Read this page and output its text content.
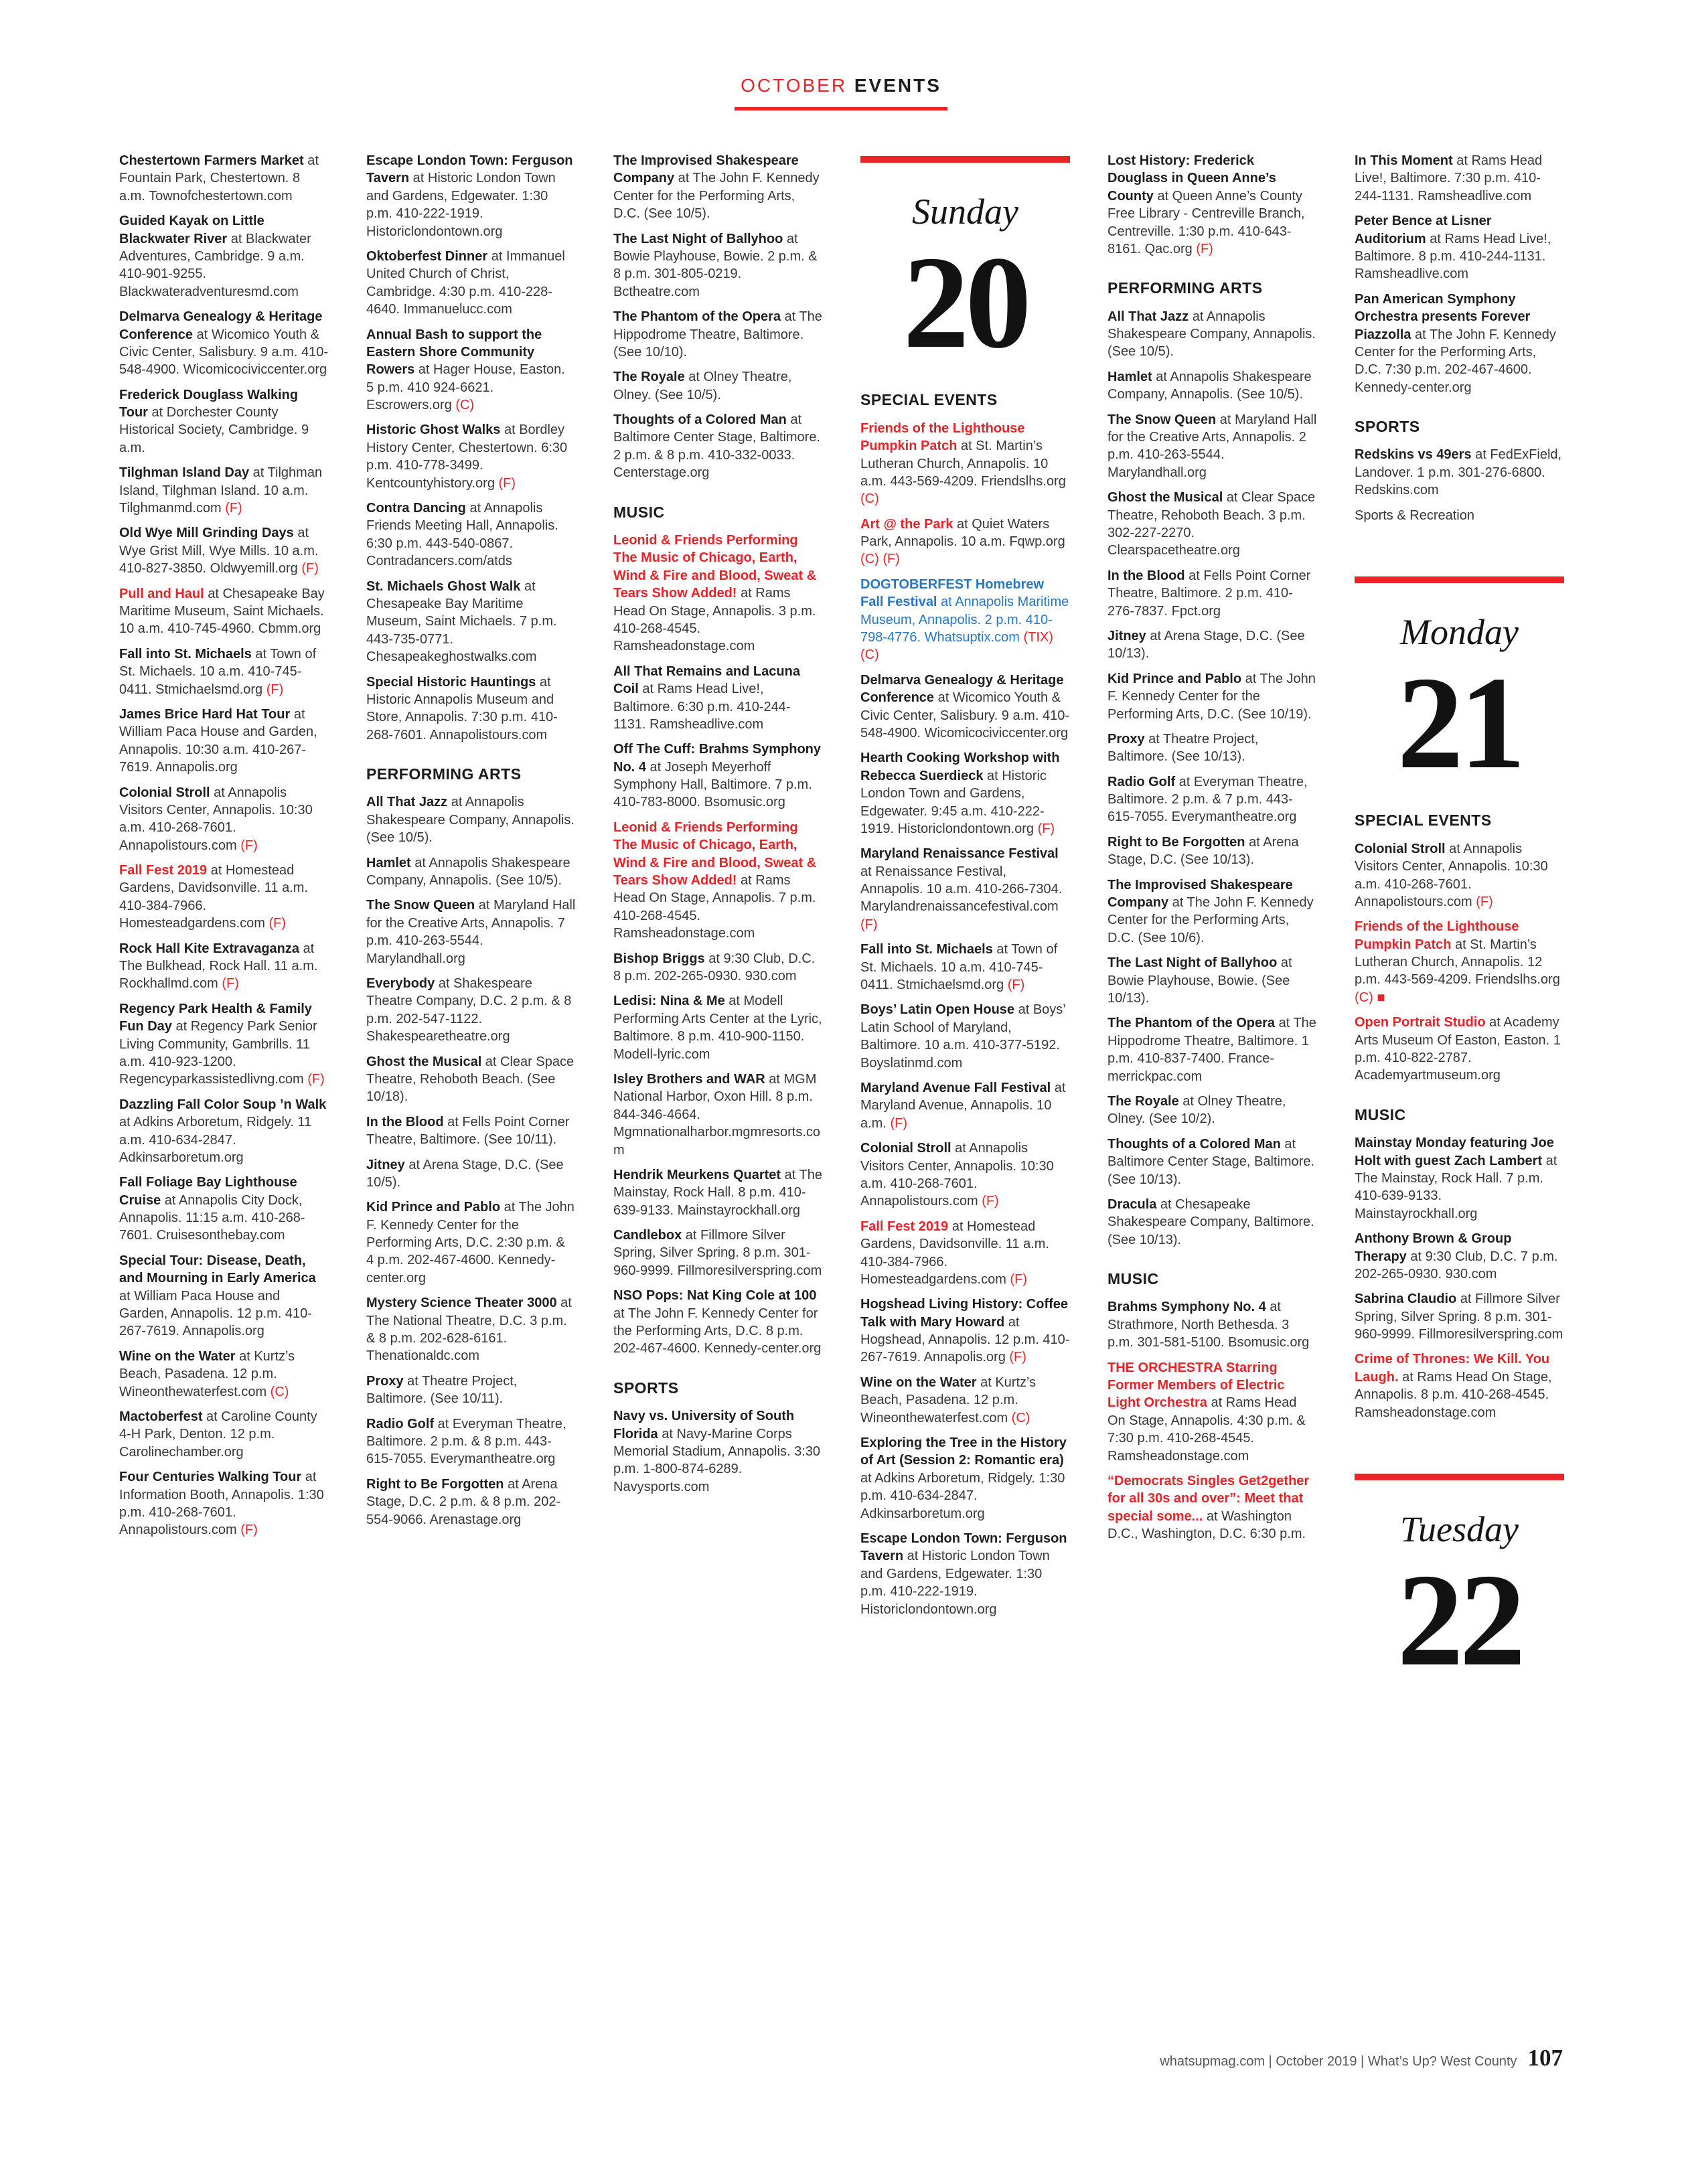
OCTOBER EVENTS

Chestertown Farmers Market at Fountain Park, Chestertown. 8 a.m. Townofchestertown.com

Guided Kayak on Little Blackwater River at Blackwater Adventures, Cambridge. 9 a.m. 410-901-9255. Blackwateradventuresmd.com

Delmarva Genealogy & Heritage Conference at Wicomico Youth & Civic Center, Salisbury. 9 a.m. 410-548-4900. Wicomicociviccenter.org

Frederick Douglass Walking Tour at Dorchester County Historical Society, Cambridge. 9 a.m.

Tilghman Island Day at Tilghman Island, Tilghman Island. 10 a.m. Tilghmanmd.com (F)

Old Wye Mill Grinding Days at Wye Grist Mill, Wye Mills. 10 a.m. 410-827-3850. Oldwyemill.org (F)

Pull and Haul at Chesapeake Bay Maritime Museum, Saint Michaels. 10 a.m. 410-745-4960. Cbmm.org

Fall into St. Michaels at Town of St. Michaels. 10 a.m. 410-745-0411. Stmichaelsmd.org (F)

James Brice Hard Hat Tour at William Paca House and Garden, Annapolis. 10:30 a.m. 410-267-7619. Annapolis.org

Colonial Stroll at Annapolis Visitors Center, Annapolis. 10:30 a.m. 410-268-7601. Annapolistours.com (F)

Fall Fest 2019 at Homestead Gardens, Davidsonville. 11 a.m. 410-384-7966. Homesteadgardens.com (F)

Rock Hall Kite Extravaganza at The Bulkhead, Rock Hall. 11 a.m. Rockhallmd.com (F)

Regency Park Health & Family Fun Day at Regency Park Senior Living Community, Gambrills. 11 a.m. 410-923-1200. Regencyparkassistedlivng.com (F)

Dazzling Fall Color Soup ’n Walk at Adkins Arboretum, Ridgely. 11 a.m. 410-634-2847. Adkinsarboretum.org

Fall Foliage Bay Lighthouse Cruise at Annapolis City Dock, Annapolis. 11:15 a.m. 410-268-7601. Cruisesonthebay.com

Special Tour: Disease, Death, and Mourning in Early America at William Paca House and Garden, Annapolis. 12 p.m. 410-267-7619. Annapolis.org

Wine on the Water at Kurtz’s Beach, Pasadena. 12 p.m. Wineonthewaterfest.com (C)

Mactoberfest at Caroline County 4-H Park, Denton. 12 p.m. Carolinechamber.org

Four Centuries Walking Tour at Information Booth, Annapolis. 1:30 p.m. 410-268-7601. Annapolistours.com (F)

Escape London Town: Ferguson Tavern at Historic London Town and Gardens, Edgewater. 1:30 p.m. 410-222-1919. Historiclondontown.org

Oktoberfest Dinner at Immanuel United Church of Christ, Cambridge. 4:30 p.m. 410-228-4640. Immanuelucc.com

Annual Bash to support the Eastern Shore Community Rowers at Hager House, Easton. 5 p.m. 410 924-6621. Escrowers.org (C)

Historic Ghost Walks at Bordley History Center, Chestertown. 6:30 p.m. 410-778-3499. Kentcountyhistory.org (F)

Contra Dancing at Annapolis Friends Meeting Hall, Annapolis. 6:30 p.m. 443-540-0867. Contradancers.com/atds

St. Michaels Ghost Walk at Chesapeake Bay Maritime Museum, Saint Michaels. 7 p.m. 443-735-0771. Chesapeakeghostwalks.com

Special Historic Hauntings at Historic Annapolis Museum and Store, Annapolis. 7:30 p.m. 410-268-7601. Annapolistours.com

PERFORMING ARTS

All That Jazz at Annapolis Shakespeare Company, Annapolis. (See 10/5).

Hamlet at Annapolis Shakespeare Company, Annapolis. (See 10/5).

The Snow Queen at Maryland Hall for the Creative Arts, Annapolis. 7 p.m. 410-263-5544. Marylandhall.org

Everybody at Shakespeare Theatre Company, D.C. 2 p.m. & 8 p.m. 202-547-1122. Shakespearetheatre.org

Ghost the Musical at Clear Space Theatre, Rehoboth Beach. (See 10/18).

In the Blood at Fells Point Corner Theatre, Baltimore. (See 10/11).

Jitney at Arena Stage, D.C. (See 10/5).

Kid Prince and Pablo at The John F. Kennedy Center for the Performing Arts, D.C. 2:30 p.m. & 4 p.m. 202-467-4600. Kennedy-center.org

Mystery Science Theater 3000 at The National Theatre, D.C. 3 p.m. & 8 p.m. 202-628-6161. Thenationaldc.com

Proxy at Theatre Project, Baltimore. (See 10/11).

Radio Golf at Everyman Theatre, Baltimore. 2 p.m. & 8 p.m. 443-615-7055. Everymantheatre.org

Right to Be Forgotten at Arena Stage, D.C. 2 p.m. & 8 p.m. 202-554-9066. Arenastage.org

The Improvised Shakespeare Company at The John F. Kennedy Center for the Performing Arts, D.C. (See 10/5).

The Last Night of Ballyhoo at Bowie Playhouse, Bowie. 2 p.m. & 8 p.m. 301-805-0219. Bctheatre.com

The Phantom of the Opera at The Hippodrome Theatre, Baltimore. (See 10/10).

The Royale at Olney Theatre, Olney. (See 10/5).

Thoughts of a Colored Man at Baltimore Center Stage, Baltimore. 2 p.m. & 8 p.m. 410-332-0033. Centerstage.org

MUSIC

Leonid & Friends Performing The Music of Chicago, Earth, Wind & Fire and Blood, Sweat & Tears Show Added! at Rams Head On Stage, Annapolis. 3 p.m. 410-268-4545. Ramsheadonstage.com

All That Remains and Lacuna Coil at Rams Head Live!, Baltimore. 6:30 p.m. 410-244-1131. Ramsheadlive.com

Off The Cuff: Brahms Symphony No. 4 at Joseph Meyerhoff Symphony Hall, Baltimore. 7 p.m. 410-783-8000. Bsomusic.org

Leonid & Friends Performing The Music of Chicago, Earth, Wind & Fire and Blood, Sweat & Tears Show Added! at Rams Head On Stage, Annapolis. 7 p.m. 410-268-4545. Ramsheadonstage.com

Bishop Briggs at 9:30 Club, D.C. 8 p.m. 202-265-0930. 930.com

Ledisi: Nina & Me at Modell Performing Arts Center at the Lyric, Baltimore. 8 p.m. 410-900-1150. Modell-lyric.com

Isley Brothers and WAR at MGM National Harbor, Oxon Hill. 8 p.m. 844-346-4664. Mgmnationalharbor.mgmresorts.com

Hendrik Meurkens Quartet at The Mainstay, Rock Hall. 8 p.m. 410-639-9133. Mainstayrockhall.org

Candlebox at Fillmore Silver Spring, Silver Spring. 8 p.m. 301-960-9999. Fillmoresilverspring.com

NSO Pops: Nat King Cole at 100 at The John F. Kennedy Center for the Performing Arts, D.C. 8 p.m. 202-467-4600. Kennedy-center.org

SPORTS

Navy vs. University of South Florida at Navy-Marine Corps Memorial Stadium, Annapolis. 3:30 p.m. 1-800-874-6289. Navysports.com

Sunday
20
SPECIAL EVENTS

Friends of the Lighthouse Pumpkin Patch at St. Martin’s Lutheran Church, Annapolis. 10 a.m. 443-569-4209. Friendslhs.org (C)

Art @ the Park at Quiet Waters Park, Annapolis. 10 a.m. Fqwp.org (C) (F)

DOGTOBERFEST Homebrew Fall Festival at Annapolis Maritime Museum, Annapolis. 2 p.m. 410-798-4776. Whatsuptix.com (TIX) (C)

Delmarva Genealogy & Heritage Conference at Wicomico Youth & Civic Center, Salisbury. 9 a.m. 410-548-4900. Wicomicociviccenter.org

Hearth Cooking Workshop with Rebecca Suerdieck at Historic London Town and Gardens, Edgewater. 9:45 a.m. 410-222-1919. Historiclondontown.org (F)

Maryland Renaissance Festival at Renaissance Festival, Annapolis. 10 a.m. 410-266-7304. Marylandrenaissancefestival.com (F)

Fall into St. Michaels at Town of St. Michaels. 10 a.m. 410-745-0411. Stmichaelsmd.org (F)

Boys’ Latin Open House at Boys’ Latin School of Maryland, Baltimore. 10 a.m. 410-377-5192. Boyslatinmd.com

Maryland Avenue Fall Festival at Maryland Avenue, Annapolis. 10 a.m. (F)

Colonial Stroll at Annapolis Visitors Center, Annapolis. 10:30 a.m. 410-268-7601. Annapolistours.com (F)

Fall Fest 2019 at Homestead Gardens, Davidsonville. 11 a.m. 410-384-7966. Homesteadgardens.com (F)

Hogshead Living History: Coffee Talk with Mary Howard at Hogshead, Annapolis. 12 p.m. 410-267-7619. Annapolis.org (F)

Wine on the Water at Kurtz’s Beach, Pasadena. 12 p.m. Wineonthewaterfest.com (C)

Exploring the Tree in the History of Art (Session 2: Romantic era) at Adkins Arboretum, Ridgely. 1:30 p.m. 410-634-2847. Adkinsarboretum.org

Escape London Town: Ferguson Tavern at Historic London Town and Gardens, Edgewater. 1:30 p.m. 410-222-1919. Historiclondontown.org

Lost History: Frederick Douglass in Queen Anne’s County at Queen Anne’s County Free Library - Centreville Branch, Centreville. 1:30 p.m. 410-643-8161. Qac.org (F)

PERFORMING ARTS

All That Jazz at Annapolis Shakespeare Company, Annapolis. (See 10/5).

Hamlet at Annapolis Shakespeare Company, Annapolis. (See 10/5).

The Snow Queen at Maryland Hall for the Creative Arts, Annapolis. 2 p.m. 410-263-5544. Marylandhall.org

Ghost the Musical at Clear Space Theatre, Rehoboth Beach. 3 p.m. 302-227-2270. Clearspacetheatre.org

In the Blood at Fells Point Corner Theatre, Baltimore. 2 p.m. 410-276-7837. Fpct.org

Jitney at Arena Stage, D.C. (See 10/13).

Kid Prince and Pablo at The John F. Kennedy Center for the Performing Arts, D.C. (See 10/19).

Proxy at Theatre Project, Baltimore. (See 10/13).

Radio Golf at Everyman Theatre, Baltimore. 2 p.m. & 7 p.m. 443-615-7055. Everymantheatre.org

Right to Be Forgotten at Arena Stage, D.C. (See 10/13).

The Improvised Shakespeare Company at The John F. Kennedy Center for the Performing Arts, D.C. (See 10/6).

The Last Night of Ballyhoo at Bowie Playhouse, Bowie. (See 10/13).

The Phantom of the Opera at The Hippodrome Theatre, Baltimore. 1 p.m. 410-837-7400. France-merrickpac.com

The Royale at Olney Theatre, Olney. (See 10/2).

Thoughts of a Colored Man at Baltimore Center Stage, Baltimore. (See 10/13).

Dracula at Chesapeake Shakespeare Company, Baltimore. (See 10/13).

MUSIC

Brahms Symphony No. 4 at Strathmore, North Bethesda. 3 p.m. 301-581-5100. Bsomusic.org

THE ORCHESTRA Starring Former Members of Electric Light Orchestra at Rams Head On Stage, Annapolis. 4:30 p.m. & 7:30 p.m. 410-268-4545. Ramsheadonstage.com

“Democrats Singles Get2gether for all 30s and over”: Meet that special some... at Washington D.C., Washington, D.C. 6:30 p.m.

In This Moment at Rams Head Live!, Baltimore. 7:30 p.m. 410-244-1131. Ramsheadlive.com

Peter Bence at Lisner Auditorium at Rams Head Live!, Baltimore. 8 p.m. 410-244-1131. Ramsheadlive.com

Pan American Symphony Orchestra presents Forever Piazzolla at The John F. Kennedy Center for the Performing Arts, D.C. 7:30 p.m. 202-467-4600. Kennedy-center.org

SPORTS

Redskins vs 49ers at FedExField, Landover. 1 p.m. 301-276-6800. Redskins.com

Sports & Recreation

Monday
21
SPECIAL EVENTS

Colonial Stroll at Annapolis Visitors Center, Annapolis. 10:30 a.m. 410-268-7601. Annapolistours.com (F)

Friends of the Lighthouse Pumpkin Patch at St. Martin’s Lutheran Church, Annapolis. 12 p.m. 443-569-4209. Friendslhs.org (C) ■

Open Portrait Studio at Academy Arts Museum Of Easton, Easton. 1 p.m. 410-822-2787. Academyartmuseum.org

MUSIC

Mainstay Monday featuring Joe Holt with guest Zach Lambert at The Mainstay, Rock Hall. 7 p.m. 410-639-9133. Mainstayrockhall.org

Anthony Brown & Group Therapy at 9:30 Club, D.C. 7 p.m. 202-265-0930. 930.com

Sabrina Claudio at Fillmore Silver Spring, Silver Spring. 8 p.m. 301-960-9999. Fillmoresilverspring.com

Crime of Thrones: We Kill. You Laugh. at Rams Head On Stage, Annapolis. 8 p.m. 410-268-4545. Ramsheadonstage.com

Tuesday
22
whatsupmag.com | October 2019 | What’s Up? West County 107
